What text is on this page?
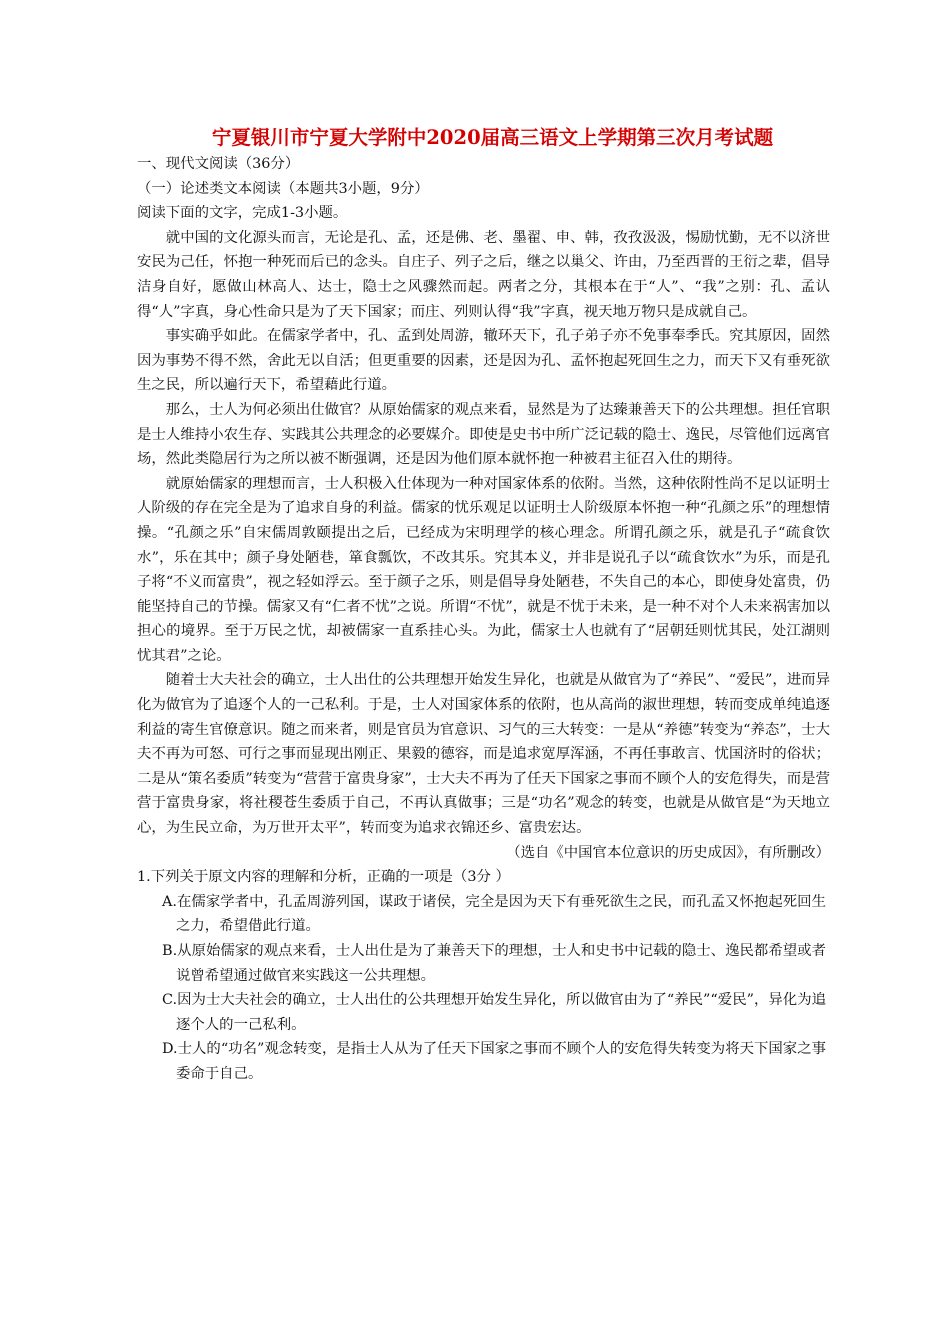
宁夏银川市宁夏大学附中2020届高三语文上学期第三次月考试题

一、现代文阅读（36分）

（一）论述类文本阅读（本题共3小题，9分）

阅读下面的文字，完成1-3小题。

就中国的文化源头而言，无论是孔、孟，还是佛、老、墨翟、申、韩，孜孜汲汲，惕励忧勤，无不以济世安民为己任，怀抱一种死而后已的念头。自庄子、列子之后，继之以巢父、许由，乃至西晋的王衍之辈，倡导洁身自好，愿做山林高人、达士，隐士之风骤然而起。两者之分，其根本在于“人”、“我”之别：孔、孟认得“人”字真，身心性命只是为了天下国家；而庄、列则认得“我”字真，视天地万物只是成就自己。

事实确乎如此。在儒家学者中，孔、孟到处周游，辙环天下，孔子弟子亦不免事奉季氏。究其原因，固然因为事势不得不然，舍此无以自活；但更重要的因素，还是因为孔、孟怀抱起死回生之力，而天下又有垂死欲生之民，所以遍行天下，希望藉此行道。

那么，士人为何必须出仕做官？从原始儒家的观点来看，显然是为了达臻兼善天下的公共理想。担任官职是士人维持小农生存、实践其公共理念的必要媒介。即使是史书中所广泛记载的隐士、逸民，尽管他们远离官场，然此类隐居行为之所以被不断强调，还是因为他们原本就怀抱一种被君主征召入仕的期待。

就原始儒家的理想而言，士人积极入仕体现为一种对国家体系的依附。当然，这种依附性尚不足以证明士人阶级的存在完全是为了追求自身的利益。儒家的忧乐观足以证明士人阶级原本怀抱一种“孔颜之乐”的理想情操。“孔颜之乐”自宋儒周敦颐提出之后，已经成为宋明理学的核心理念。所谓孔颜之乐，就是孔子“疏食饮水”，乐在其中；颜子身处陋巷，箪食瓢饮，不改其乐。究其本义，并非是说孔子以“疏食饮水”为乐，而是孔子将“不义而富贵”，视之轻如浮云。至于颜子之乐，则是倡导身处陋巷，不失自己的本心，即使身处富贵，仍能坚持自己的节操。儒家又有“仁者不忧”之说。所谓“不忧”，就是不忧于未来，是一种不对个人未来祸害加以担心的境界。至于万民之忧，却被儒家一直系挂心头。为此，儒家士人也就有了“居朝廷则忧其民，处江湖则忧其君”之论。

随着士大夫社会的确立，士人出仕的公共理想开始发生异化，也就是从做官为了“养民”、“爱民”，进而异化为做官为了追逐个人的一己私利。于是，士人对国家体系的依附，也从高尚的淑世理想，转而变成单纯追逐利益的寄生官僚意识。随之而来者，则是官员为官意识、习气的三大转变：一是从“养德”转变为“养态”，士大夫不再为可怒、可行之事而显现出刚正、果毅的德容，而是追求宽厚浑涵，不再任事敢言、忧国济时的俗状；二是从“策名委质”转变为“营营于富贵身家”，士大夫不再为了任天下国家之事而不顾个人的安危得失，而是营营于富贵身家，将社稷苍生委质于自己，不再认真做事；三是“功名”观念的转变，也就是从做官是“为天地立心，为生民立命，为万世开太平”，转而变为追求衣锦还乡、富贵宏达。

（选自《中国官本位意识的历史成因》，有所删改）

1.下列关于原文内容的理解和分析，正确的一项是（3分 ）

A.在儒家学者中，孔孟周游列国，谋政于诸侯，完全是因为天下有垂死欲生之民，而孔孟又怀抱起死回生之力，希望借此行道。

B.从原始儒家的观点来看，士人出仕是为了兼善天下的理想，士人和史书中记载的隐士、逸民都希望或者说曾希望通过做官来实践这一公共理想。

C.因为士大夫社会的确立，士人出仕的公共理想开始发生异化，所以做官由为了“养民”“爱民”，异化为追逐个人的一己私利。

D.士人的“功名”观念转变，是指士人从为了任天下国家之事而不顾个人的安危得失转变为将天下国家之事委命于自己。
